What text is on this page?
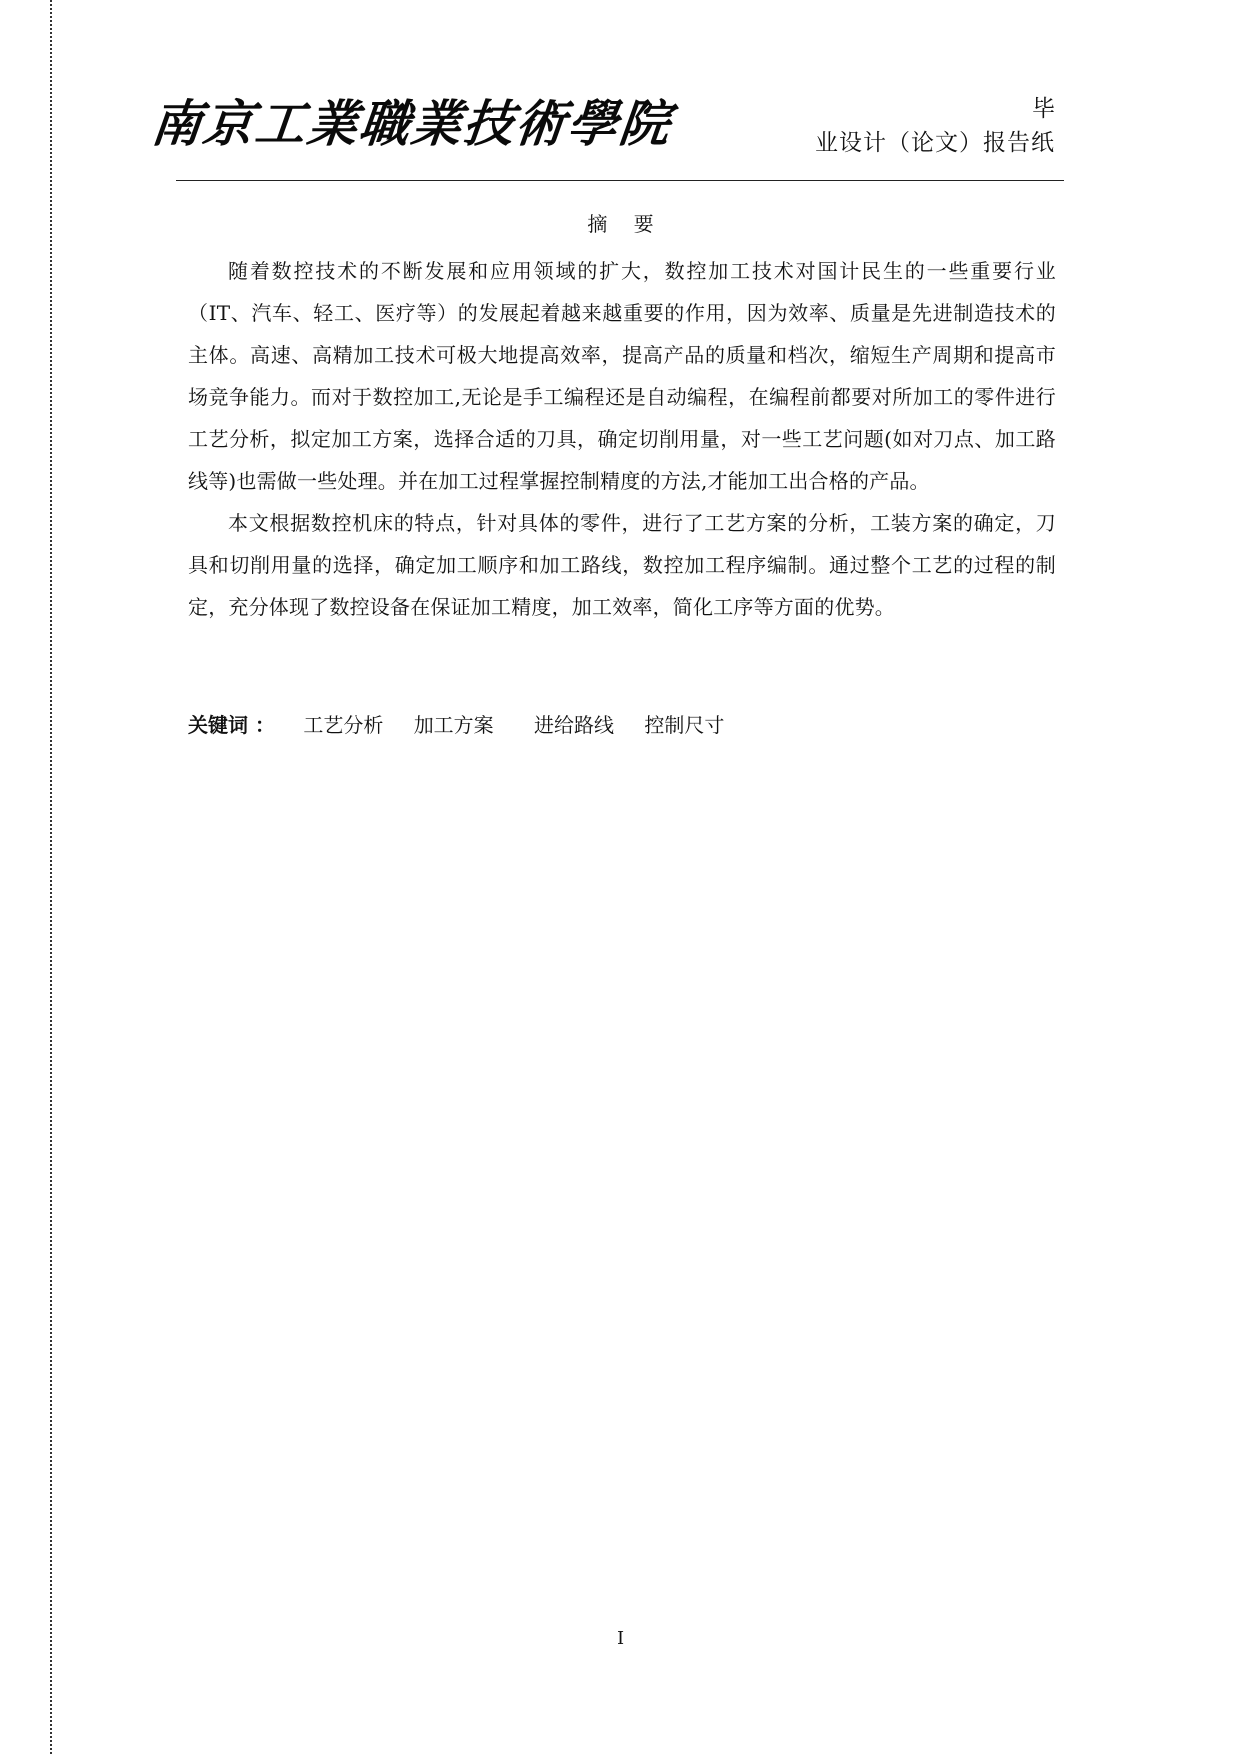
南京工業職業技術學院	毕
业设计（论文）报告纸
摘 要

随着数控技术的不断发展和应用领域的扩大，数控加工技术对国计民生的一些重要行业（IT、汽车、轻工、医疗等）的发展起着越来越重要的作用，因为效率、质量是先进制造技术的主体。高速、高精加工技术可极大地提高效率，提高产品的质量和档次，缩短生产周期和提高市场竞争能力。而对于数控加工,无论是手工编程还是自动编程，在编程前都要对所加工的零件进行工艺分析，拟定加工方案，选择合适的刀具，确定切削用量，对一些工艺问题(如对刀点、加工路线等)也需做一些处理。并在加工过程掌握控制精度的方法,才能加工出合格的产品。

本文根据数控机床的特点，针对具体的零件，进行了工艺方案的分析，工装方案的确定，刀具和切削用量的选择，确定加工顺序和加工路线，数控加工程序编制。通过整个工艺的过程的制定，充分体现了数控设备在保证加工精度，加工效率，简化工序等方面的优势。

关键词 ： 工艺分析 加工方案 进给路线 控制尺寸
I
